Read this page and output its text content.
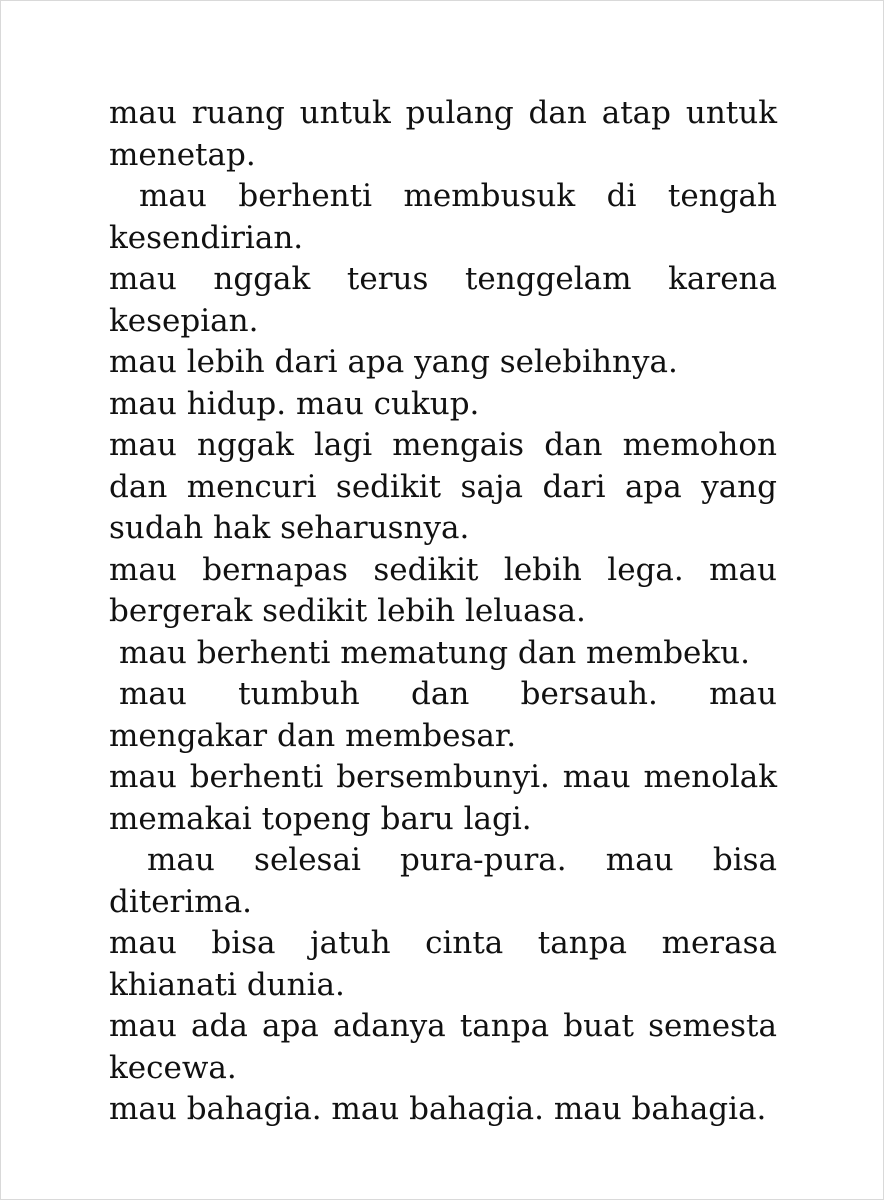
mau ruang untuk pulang dan atap untuk menetap.

mau berhenti membusuk di tengah kesendirian.

mau nggak terus tenggelam karena kesepian.

mau lebih dari apa yang selebihnya.

mau hidup. mau cukup.

mau nggak lagi mengais dan memohon dan mencuri sedikit saja dari apa yang sudah hak seharusnya.

mau bernapas sedikit lebih lega. mau bergerak sedikit lebih leluasa.

mau berhenti mematung dan membeku.

mau tumbuh dan bersauh. mau mengakar dan membesar.

mau berhenti bersembunyi. mau menolak memakai topeng baru lagi.

mau selesai pura-pura. mau bisa diterima.

mau bisa jatuh cinta tanpa merasa khianati dunia.

mau ada apa adanya tanpa buat semesta kecewa.

mau bahagia. mau bahagia. mau bahagia.
